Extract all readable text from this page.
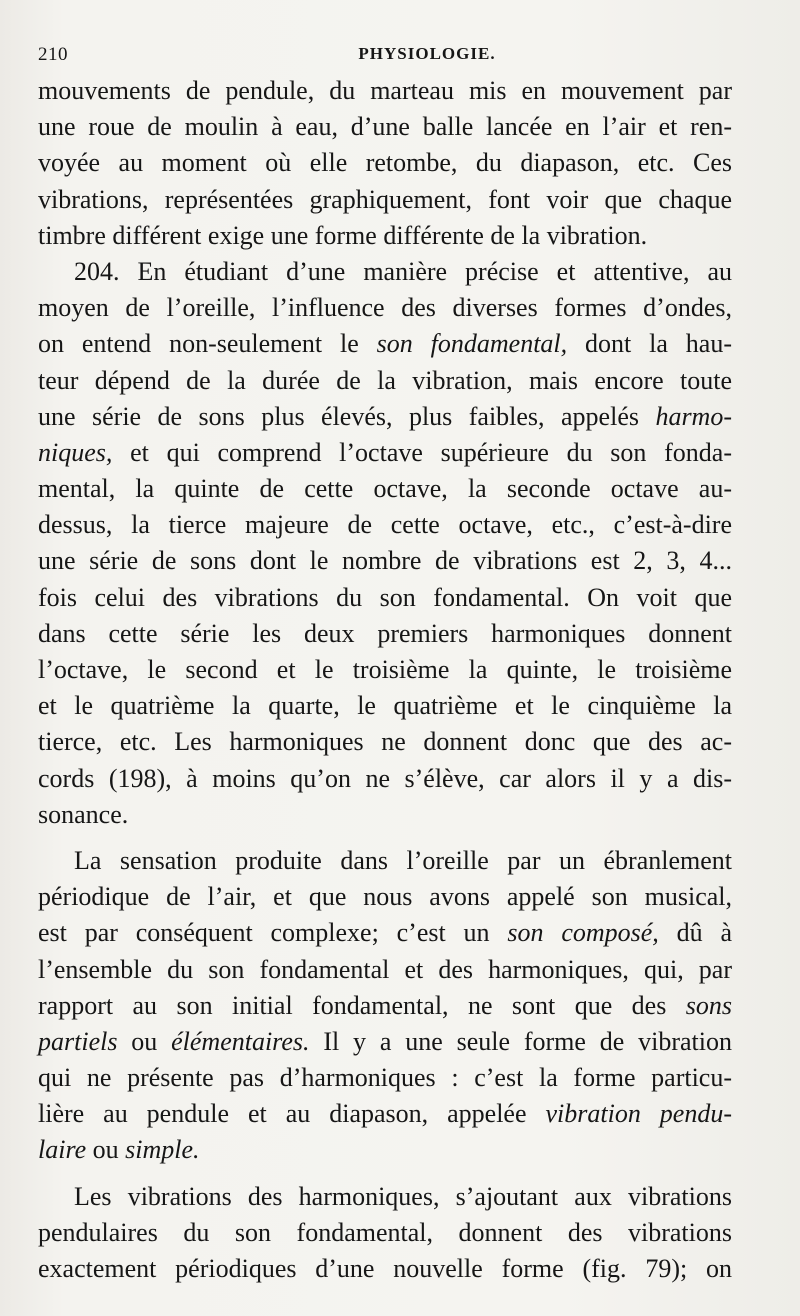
210	PHYSIOLOGIE.
mouvements de pendule, du marteau mis en mouvement par
une roue de moulin à eau, d’une balle lancée en l’air et ren-
voyée au moment où elle retombe, du diapason, etc. Ces
vibrations, représentées graphiquement, font voir que chaque
timbre différent exige une forme différente de la vibration.
204. En étudiant d’une manière précise et attentive, au
moyen de l’oreille, l’influence des diverses formes d’ondes,
on entend non-seulement le son fondamental, dont la hau-
teur dépend de la durée de la vibration, mais encore toute
une série de sons plus élevés, plus faibles, appelés harmo-
niques, et qui comprend l’octave supérieure du son fonda-
mental, la quinte de cette octave, la seconde octave au-
dessus, la tierce majeure de cette octave, etc., c’est-à-dire
une série de sons dont le nombre de vibrations est 2, 3, 4...
fois celui des vibrations du son fondamental. On voit que
dans cette série les deux premiers harmoniques donnent
l’octave, le second et le troisième la quinte, le troisième
et le quatrième la quarte, le quatrième et le cinquième la
tierce, etc. Les harmoniques ne donnent donc que des ac-
cords (198), à moins qu’on ne s’élève, car alors il y a dis-
sonance.
La sensation produite dans l’oreille par un ébranlement
périodique de l’air, et que nous avons appelé son musical,
est par conséquent complexe; c’est un son composé, dû à
l’ensemble du son fondamental et des harmoniques, qui, par
rapport au son initial fondamental, ne sont que des sons
partiels ou élémentaires. Il y a une seule forme de vibration
qui ne présente pas d’harmoniques : c’est la forme particu-
lière au pendule et au diapason, appelée vibration pendu-
laire ou simple.
Les vibrations des harmoniques, s’ajoutant aux vibrations
pendulaires du son fondamental, donnent des vibrations
exactement périodiques d’une nouvelle forme (fig. 79); on
